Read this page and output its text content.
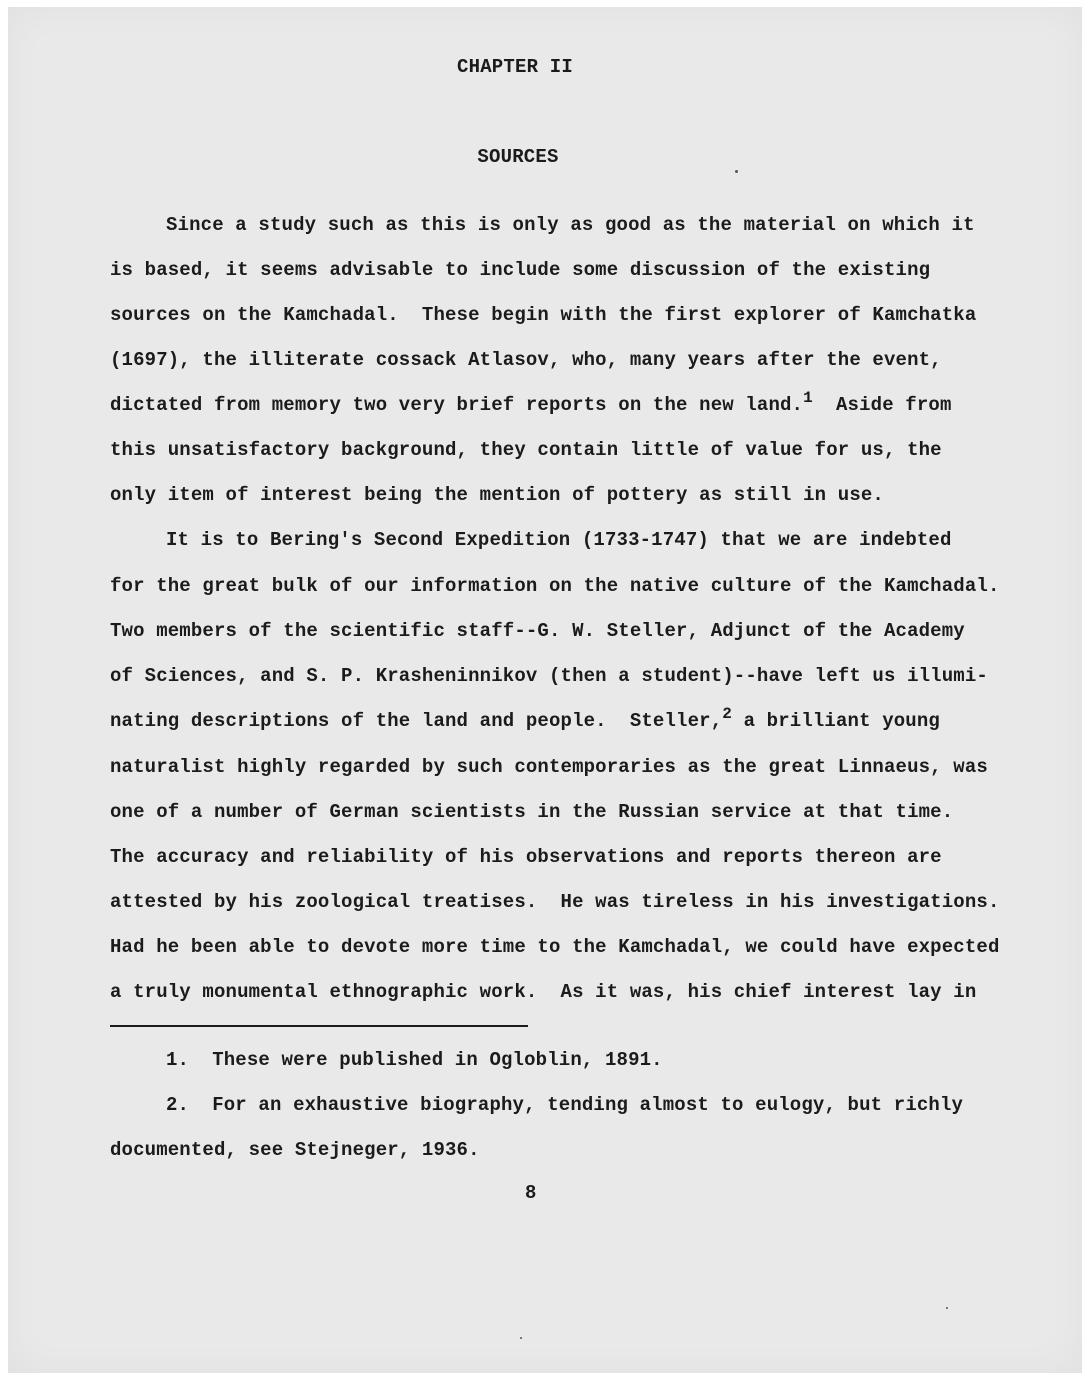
CHAPTER II
SOURCES
Since a study such as this is only as good as the material on which it
is based, it seems advisable to include some discussion of the existing
sources on the Kamchadal.  These begin with the first explorer of Kamchatka
(1697), the illiterate cossack Atlasov, who, many years after the event,
dictated from memory two very brief reports on the new land.$^1$  Aside from
this unsatisfactory background, they contain little of value for us, the
only item of interest being the mention of pottery as still in use.
It is to Bering's Second Expedition (1733-1747) that we are indebted
for the great bulk of our information on the native culture of the Kamchadal.
Two members of the scientific staff--G. W. Steller, Adjunct of the Academy
of Sciences, and S. P. Krasheninnikov (then a student)--have left us illumi-
nating descriptions of the land and people.  Steller,$^2$ a brilliant young
naturalist highly regarded by such contemporaries as the great Linnaeus, was
one of a number of German scientists in the Russian service at that time.
The accuracy and reliability of his observations and reports thereon are
attested by his zoological treatises.  He was tireless in his investigations.
Had he been able to devote more time to the Kamchadal, we could have expected
a truly monumental ethnographic work.  As it was, his chief interest lay in
1.  These were published in Ogloblin, 1891.
2.  For an exhaustive biography, tending almost to eulogy, but richly
documented, see Stejneger, 1936.
8
